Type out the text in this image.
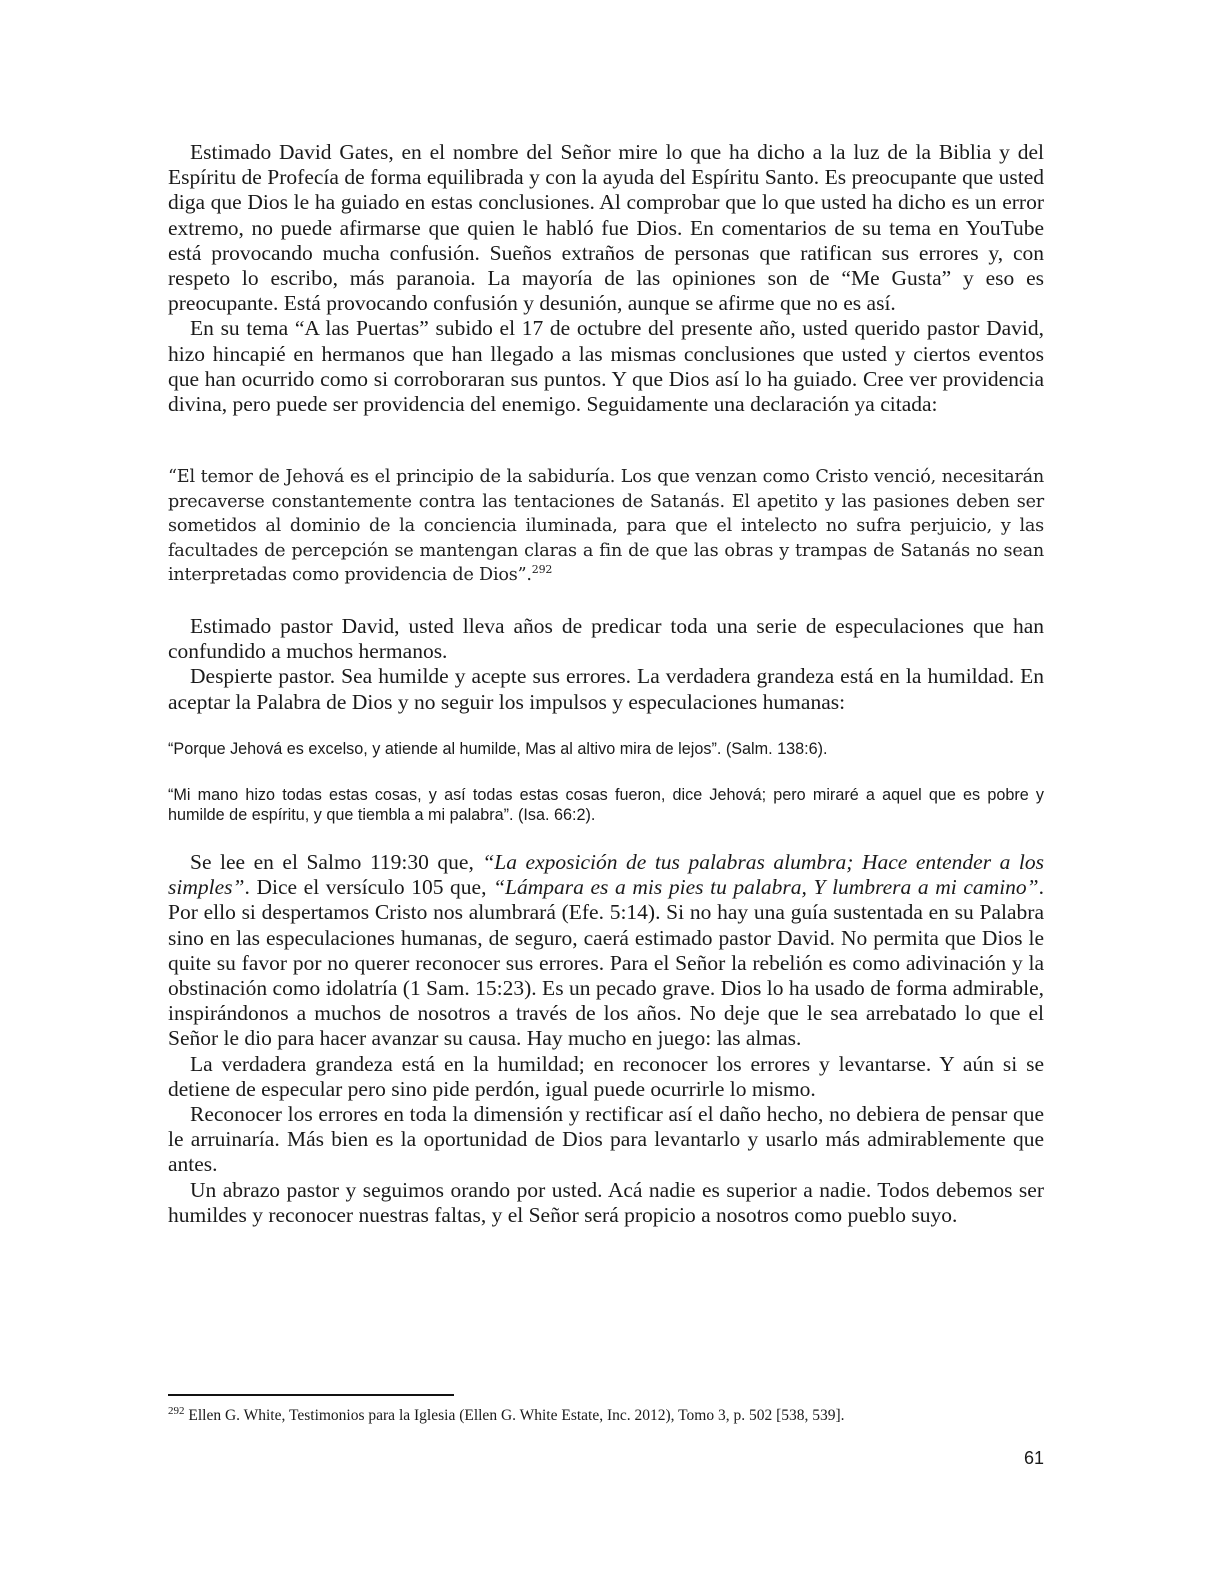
Estimado David Gates, en el nombre del Señor mire lo que ha dicho a la luz de la Biblia y del Espíritu de Profecía de forma equilibrada y con la ayuda del Espíritu Santo. Es preocupante que usted diga que Dios le ha guiado en estas conclusiones. Al comprobar que lo que usted ha dicho es un error extremo, no puede afirmarse que quien le habló fue Dios. En comentarios de su tema en YouTube está provocando mucha confusión. Sueños extraños de personas que ratifican sus errores y, con respeto lo escribo, más paranoia. La mayoría de las opiniones son de “Me Gusta” y eso es preocupante. Está provocando confusión y desunión, aunque se afirme que no es así.

En su tema “A las Puertas” subido el 17 de octubre del presente año, usted querido pastor David, hizo hincapié en hermanos que han llegado a las mismas conclusiones que usted y ciertos eventos que han ocurrido como si corroboraran sus puntos. Y que Dios así lo ha guiado. Cree ver providencia divina, pero puede ser providencia del enemigo. Seguidamente una declaración ya citada:

“El temor de Jehová es el principio de la sabiduría. Los que venzan como Cristo venció, necesitarán precaverse constantemente contra las tentaciones de Satanás. El apetito y las pasiones deben ser sometidos al dominio de la conciencia iluminada, para que el intelecto no sufra perjuicio, y las facultades de percepción se mantengan claras a fin de que las obras y trampas de Satanás no sean interpretadas como providencia de Dios”.$^{292}$

Estimado pastor David, usted lleva años de predicar toda una serie de especulaciones que han confundido a muchos hermanos.

Despierte pastor. Sea humilde y acepte sus errores. La verdadera grandeza está en la humildad. En aceptar la Palabra de Dios y no seguir los impulsos y especulaciones humanas:

“Porque Jehová es excelso, y atiende al humilde, Mas al altivo mira de lejos”. (Salm. 138:6).

“Mi mano hizo todas estas cosas, y así todas estas cosas fueron, dice Jehová; pero miraré a aquel que es pobre y humilde de espíritu, y que tiembla a mi palabra”. (Isa. 66:2).

Se lee en el Salmo 119:30 que, “La exposición de tus palabras alumbra; Hace entender a los simples”. Dice el versículo 105 que, “Lámpara es a mis pies tu palabra, Y lumbrera a mi camino”. Por ello si despertamos Cristo nos alumbrará (Efe. 5:14). Si no hay una guía sustentada en su Palabra sino en las especulaciones humanas, de seguro, caerá estimado pastor David. No permita que Dios le quite su favor por no querer reconocer sus errores. Para el Señor la rebelión es como adivinación y la obstinación como idolatría (1 Sam. 15:23). Es un pecado grave. Dios lo ha usado de forma admirable, inspirándonos a muchos de nosotros a través de los años. No deje que le sea arrebatado lo que el Señor le dio para hacer avanzar su causa. Hay mucho en juego: las almas.

La verdadera grandeza está en la humildad; en reconocer los errores y levantarse. Y aún si se detiene de especular pero sino pide perdón, igual puede ocurrirle lo mismo.

Reconocer los errores en toda la dimensión y rectificar así el daño hecho, no debiera de pensar que le arruinaría. Más bien es la oportunidad de Dios para levantarlo y usarlo más admirablemente que antes.

Un abrazo pastor y seguimos orando por usted. Acá nadie es superior a nadie. Todos debemos ser humildes y reconocer nuestras faltas, y el Señor será propicio a nosotros como pueblo suyo.

$^{292}$ Ellen G. White, Testimonios para la Iglesia (Ellen G. White Estate, Inc. 2012), Tomo 3, p. 502 [538, 539].
61
